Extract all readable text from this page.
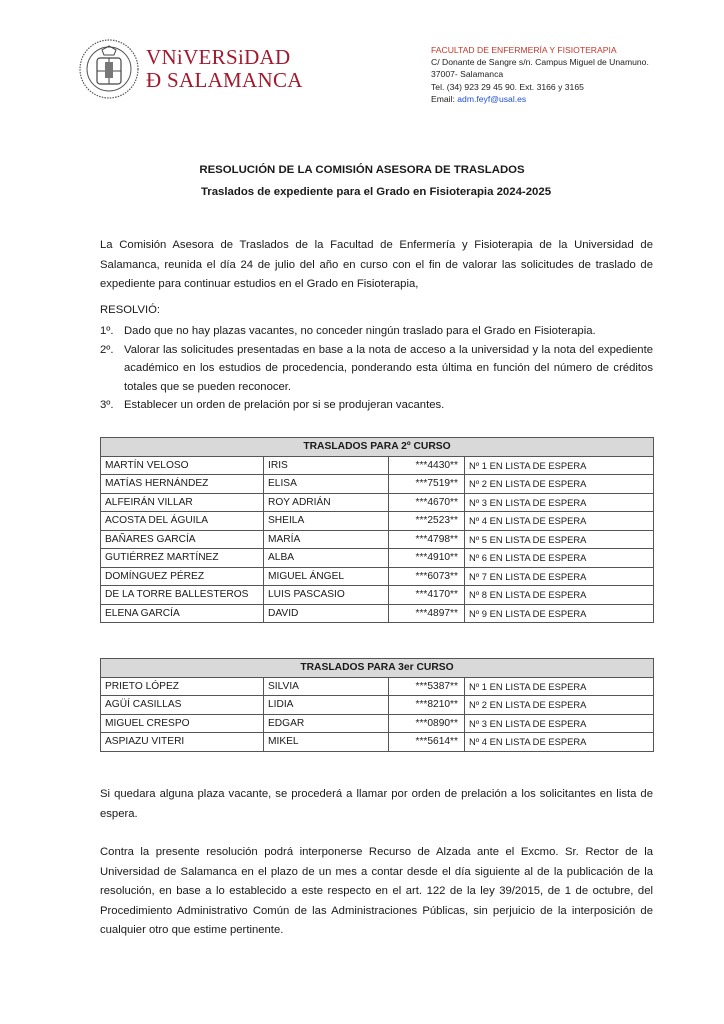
VNiVERSiDAD
Ð SALAMANCA
FACULTAD DE ENFERMERÍA Y FISIOTERAPIA
C/ Donante de Sangre s/n. Campus Miguel de Unamuno.
37007- Salamanca
Tel. (34) 923 29 45 90. Ext. 3166 y 3165
Email: adm.feyf@usal.es
RESOLUCIÓN DE LA COMISIÓN ASESORA DE TRASLADOS
Traslados de expediente para el Grado en Fisioterapia 2024-2025
La Comisión Asesora de Traslados de la Facultad de Enfermería y Fisioterapia de la Universidad de Salamanca, reunida el día 24 de julio del año en curso con el fin de valorar las solicitudes de traslado de expediente para continuar estudios en el Grado en Fisioterapia,
RESOLVIÓ:
1º. Dado que no hay plazas vacantes, no conceder ningún traslado para el Grado en Fisioterapia.
2º. Valorar las solicitudes presentadas en base a la nota de acceso a la universidad y la nota del expediente académico en los estudios de procedencia, ponderando esta última en función del número de créditos totales que se pueden reconocer.
3º. Establecer un orden de prelación por si se produjeran vacantes.
TRASLADOS PARA 2º CURSO			
MARTÍN VELOSO	IRIS	***4430**	Nº 1 EN LISTA DE ESPERA
MATÍAS HERNÁNDEZ	ELISA	***7519**	Nº 2 EN LISTA DE ESPERA
ALFEIRÁN VILLAR	ROY ADRIÁN	***4670**	Nº 3 EN LISTA DE ESPERA
ACOSTA DEL ÁGUILA	SHEILA	***2523**	Nº 4 EN LISTA DE ESPERA
BAÑARES GARCÍA	MARÍA	***4798**	Nº 5 EN LISTA DE ESPERA
GUTIÉRREZ MARTÍNEZ	ALBA	***4910**	Nº 6 EN LISTA DE ESPERA
DOMÍNGUEZ PÉREZ	MIGUEL ÁNGEL	***6073**	Nº 7 EN LISTA DE ESPERA
DE LA TORRE BALLESTEROS	LUIS PASCASIO	***4170**	Nº 8 EN LISTA DE ESPERA
ELENA GARCÍA	DAVID	***4897**	Nº 9 EN LISTA DE ESPERA
TRASLADOS PARA 3er CURSO			
PRIETO LÓPEZ	SILVIA	***5387**	Nº 1 EN LISTA DE ESPERA
AGÜÍ CASILLAS	LIDIA	***8210**	Nº 2 EN LISTA DE ESPERA
MIGUEL CRESPO	EDGAR	***0890**	Nº 3 EN LISTA DE ESPERA
ASPIAZU VITERI	MIKEL	***5614**	Nº 4 EN LISTA DE ESPERA
Si quedara alguna plaza vacante, se procederá a llamar por orden de prelación a los solicitantes en lista de espera.
Contra la presente resolución podrá interponerse Recurso de Alzada ante el Excmo. Sr. Rector de la Universidad de Salamanca en el plazo de un mes a contar desde el día siguiente al de la publicación de la resolución, en base a lo establecido a este respecto en el art. 122 de la ley 39/2015, de 1 de octubre, del Procedimiento Administrativo Común de las Administraciones Públicas, sin perjuicio de la interposición de cualquier otro que estime pertinente.
